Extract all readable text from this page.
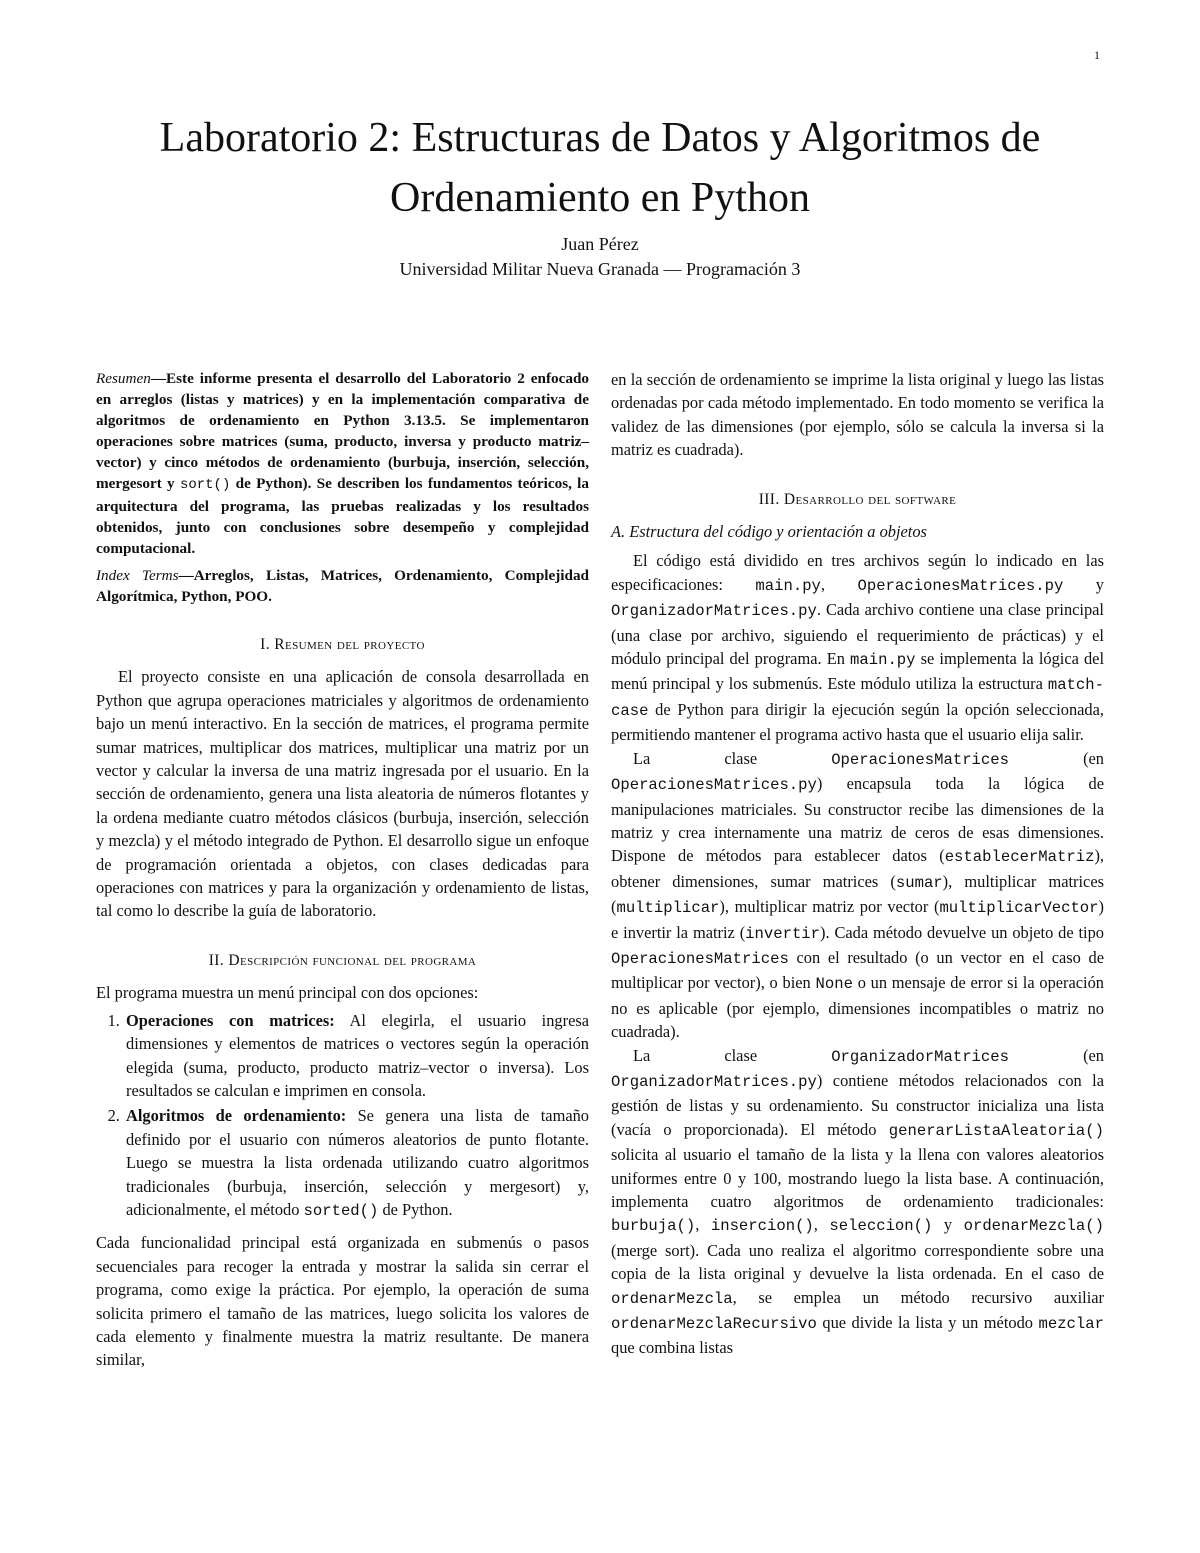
1
Laboratorio 2: Estructuras de Datos y Algoritmos de Ordenamiento en Python
Juan Pérez
Universidad Militar Nueva Granada — Programación 3

Resumen—Este informe presenta el desarrollo del Laboratorio 2 enfocado en arreglos (listas y matrices) y en la implementación comparativa de algoritmos de ordenamiento en Python 3.13.5. Se implementaron operaciones sobre matrices (suma, producto, inversa y producto matriz–vector) y cinco métodos de ordenamiento (burbuja, inserción, selección, mergesort y sort() de Python). Se describen los fundamentos teóricos, la arquitectura del programa, las pruebas realizadas y los resultados obtenidos, junto con conclusiones sobre desempeño y complejidad computacional.

Index Terms—Arreglos, Listas, Matrices, Ordenamiento, Complejidad Algorítmica, Python, POO.

I. Resumen del proyecto

El proyecto consiste en una aplicación de consola desarrollada en Python que agrupa operaciones matriciales y algoritmos de ordenamiento bajo un menú interactivo. En la sección de matrices, el programa permite sumar matrices, multiplicar dos matrices, multiplicar una matriz por un vector y calcular la inversa de una matriz ingresada por el usuario. En la sección de ordenamiento, genera una lista aleatoria de números flotantes y la ordena mediante cuatro métodos clásicos (burbuja, inserción, selección y mezcla) y el método integrado de Python. El desarrollo sigue un enfoque de programación orientada a objetos, con clases dedicadas para operaciones con matrices y para la organización y ordenamiento de listas, tal como lo describe la guía de laboratorio.

II. Descripción funcional del programa

El programa muestra un menú principal con dos opciones:

1. Operaciones con matrices: Al elegirla, el usuario ingresa dimensiones y elementos de matrices o vectores según la operación elegida (suma, producto, producto matriz–vector o inversa). Los resultados se calculan e imprimen en consola.
2. Algoritmos de ordenamiento: Se genera una lista de tamaño definido por el usuario con números aleatorios de punto flotante. Luego se muestra la lista ordenada utilizando cuatro algoritmos tradicionales (burbuja, inserción, selección y mergesort) y, adicionalmente, el método sorted() de Python.

Cada funcionalidad principal está organizada en submenús o pasos secuenciales para recoger la entrada y mostrar la salida sin cerrar el programa, como exige la práctica. Por ejemplo, la operación de suma solicita primero el tamaño de las matrices, luego solicita los valores de cada elemento y finalmente muestra la matriz resultante. De manera similar,

en la sección de ordenamiento se imprime la lista original y luego las listas ordenadas por cada método implementado. En todo momento se verifica la validez de las dimensiones (por ejemplo, sólo se calcula la inversa si la matriz es cuadrada).

III. Desarrollo del software

A. Estructura del código y orientación a objetos

El código está dividido en tres archivos según lo indicado en las especificaciones: main.py, OperacionesMatrices.py y OrganizadorMatrices.py. Cada archivo contiene una clase principal (una clase por archivo, siguiendo el requerimiento de prácticas) y el módulo principal del programa. En main.py se implementa la lógica del menú principal y los submenús. Este módulo utiliza la estructura match-case de Python para dirigir la ejecución según la opción seleccionada, permitiendo mantener el programa activo hasta que el usuario elija salir.

La clase OperacionesMatrices (en OperacionesMatrices.py) encapsula toda la lógica de manipulaciones matriciales. Su constructor recibe las dimensiones de la matriz y crea internamente una matriz de ceros de esas dimensiones. Dispone de métodos para establecer datos (establecerMatriz), obtener dimensiones, sumar matrices (sumar), multiplicar matrices (multiplicar), multiplicar matriz por vector (multiplicarVector) e invertir la matriz (invertir). Cada método devuelve un objeto de tipo OperacionesMatrices con el resultado (o un vector en el caso de multiplicar por vector), o bien None o un mensaje de error si la operación no es aplicable (por ejemplo, dimensiones incompatibles o matriz no cuadrada).

La clase OrganizadorMatrices (en OrganizadorMatrices.py) contiene métodos relacionados con la gestión de listas y su ordenamiento. Su constructor inicializa una lista (vacía o proporcionada). El método generarListaAleatoria() solicita al usuario el tamaño de la lista y la llena con valores aleatorios uniformes entre 0 y 100, mostrando luego la lista base. A continuación, implementa cuatro algoritmos de ordenamiento tradicionales: burbuja(), insercion(), seleccion() y ordenarMezcla() (merge sort). Cada uno realiza el algoritmo correspondiente sobre una copia de la lista original y devuelve la lista ordenada. En el caso de ordenarMezcla, se emplea un método recursivo auxiliar ordenarMezclaRecursivo que divide la lista y un método mezclar que combina listas
